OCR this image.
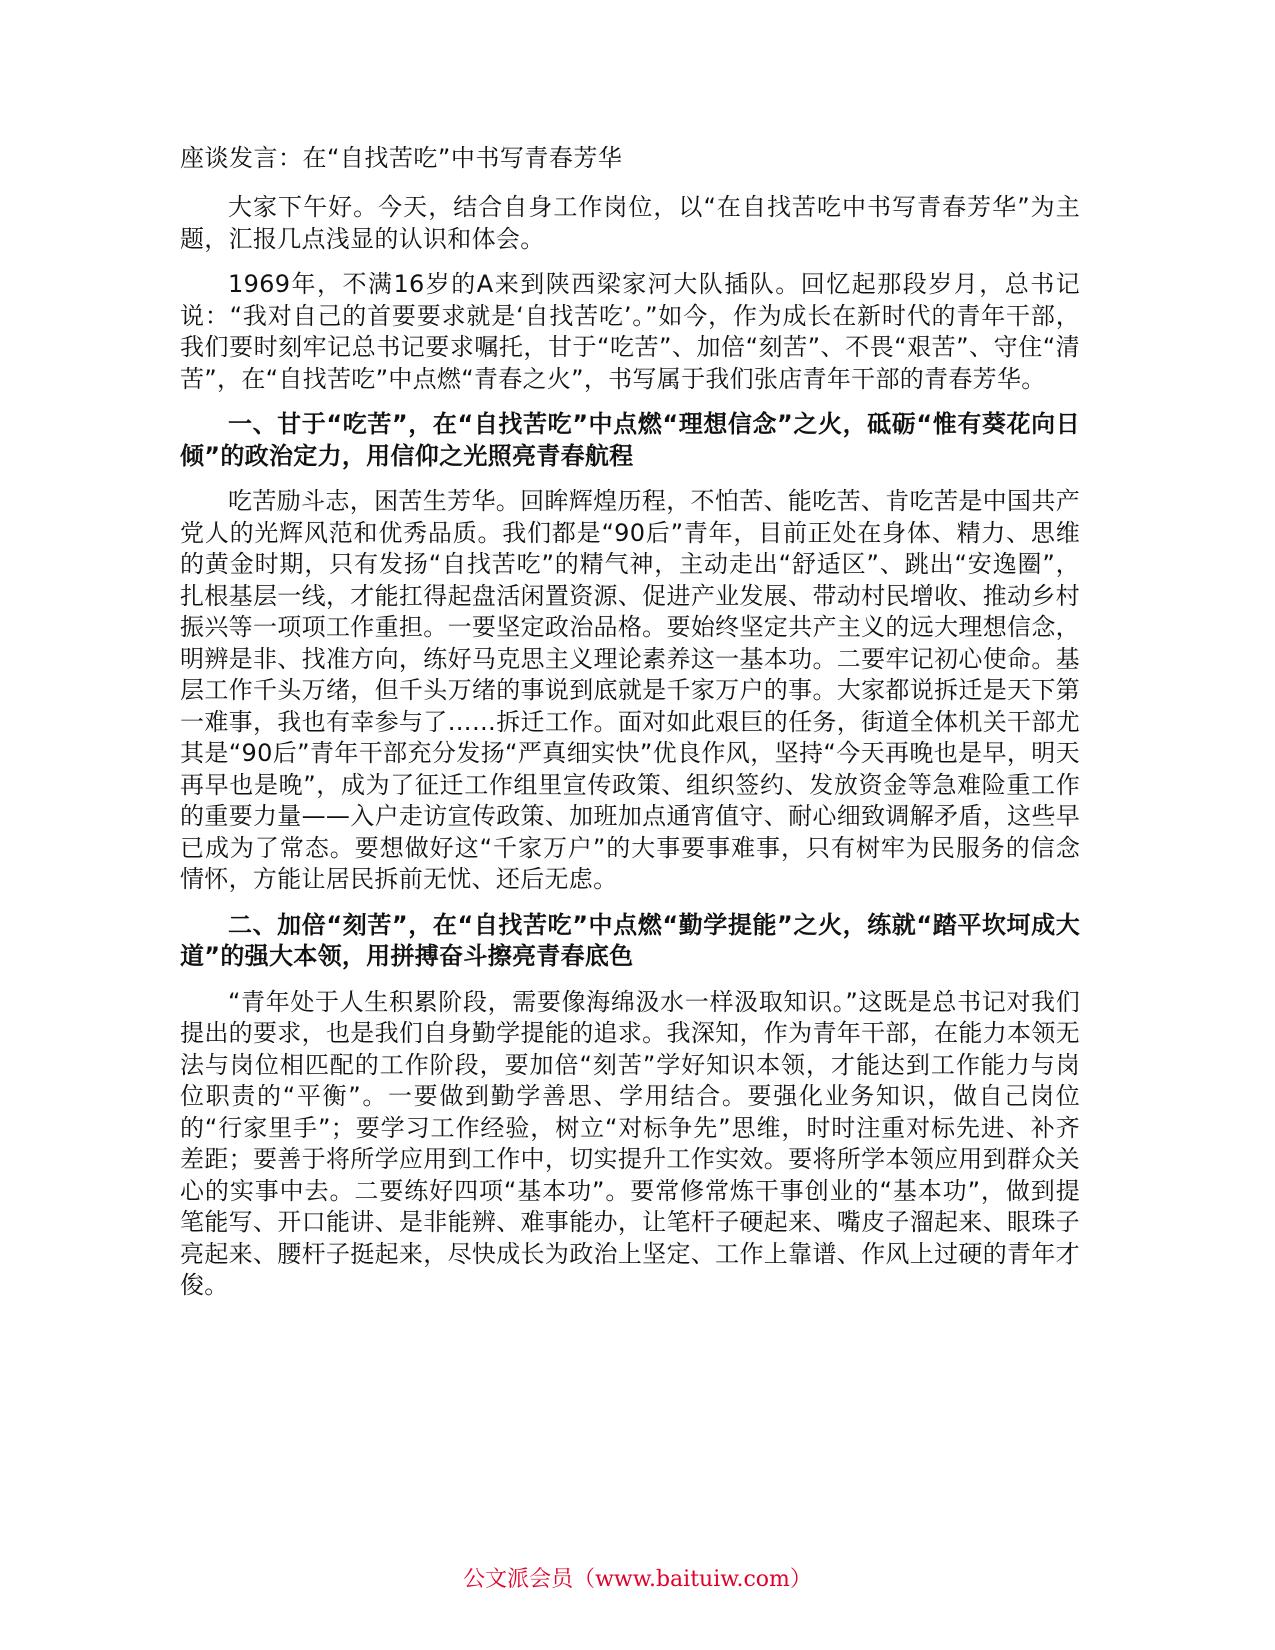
座谈发言：在“自找苦吃”中书写青春芳华
大家下午好。今天，结合自身工作岗位，以“在自找苦吃中书写青春芳华”为主题，汇报几点浅显的认识和体会。
1969年，不满16岁的A来到陕西梁家河大队插队。回忆起那段岁月，总书记说：“我对自己的首要要求就是‘自找苦吃’。”如今，作为成长在新时代的青年干部，我们要时刻牢记总书记要求嘱托，甘于“吃苦”、加倍“刻苦”、不畏“艰苦”、守住“清苦”，在“自找苦吃”中点燃“青春之火”，书写属于我们张店青年干部的青春芳华。
一、甘于“吃苦”，在“自找苦吃”中点燃“理想信念”之火，砥砺“惟有葵花向日倾”的政治定力，用信仰之光照亮青春航程
吃苦励斗志，困苦生芳华。回眸辉煌历程，不怕苦、能吃苦、肯吃苦是中国共产党人的光辉风范和优秀品质。我们都是“90后”青年，目前正处在身体、精力、思维的黄金时期，只有发扬“自找苦吃”的精气神，主动走出“舒适区”、跳出“安逸圈”，扎根基层一线，才能扛得起盘活闲置资源、促进产业发展、带动村民增收、推动乡村振兴等一项项工作重担。一要坚定政治品格。要始终坚定共产主义的远大理想信念，明辨是非、找准方向，练好马克思主义理论素养这一基本功。二要牢记初心使命。基层工作千头万绪，但千头万绪的事说到底就是千家万户的事。大家都说拆迁是天下第一难事，我也有幸参与了……拆迁工作。面对如此艰巨的任务，街道全体机关干部尤其是“90后”青年干部充分发扬“严真细实快”优良作风，坚持“今天再晚也是早，明天再早也是晚”，成为了征迁工作组里宣传政策、组织签约、发放资金等急难险重工作的重要力量——入户走访宣传政策、加班加点通宵值守、耐心细致调解矛盾，这些早已成为了常态。要想做好这“千家万户”的大事要事难事，只有树牢为民服务的信念情怀，方能让居民拆前无忧、还后无虑。
二、加倍“刻苦”，在“自找苦吃”中点燃“勤学提能”之火，练就“踏平坎坷成大道”的强大本领，用拼搏奋斗擦亮青春底色
“青年处于人生积累阶段，需要像海绵汲水一样汲取知识。”这既是总书记对我们提出的要求，也是我们自身勤学提能的追求。我深知，作为青年干部，在能力本领无法与岗位相匹配的工作阶段，要加倍“刻苦”学好知识本领，才能达到工作能力与岗位职责的“平衡”。一要做到勤学善思、学用结合。要强化业务知识，做自己岗位的“行家里手”；要学习工作经验，树立“对标争先”思维，时时注重对标先进、补齐差距；要善于将所学应用到工作中，切实提升工作实效。要将所学本领应用到群众关心的实事中去。二要练好四项“基本功”。要常修常炼干事创业的“基本功”，做到提笔能写、开口能讲、是非能辨、难事能办，让笔杆子硬起来、嘴皮子溜起来、眼珠子亮起来、腰杆子挺起来，尽快成长为政治上坚定、工作上靠谱、作风上过硬的青年才俊。
公文派会员（www.baituiw.com）
